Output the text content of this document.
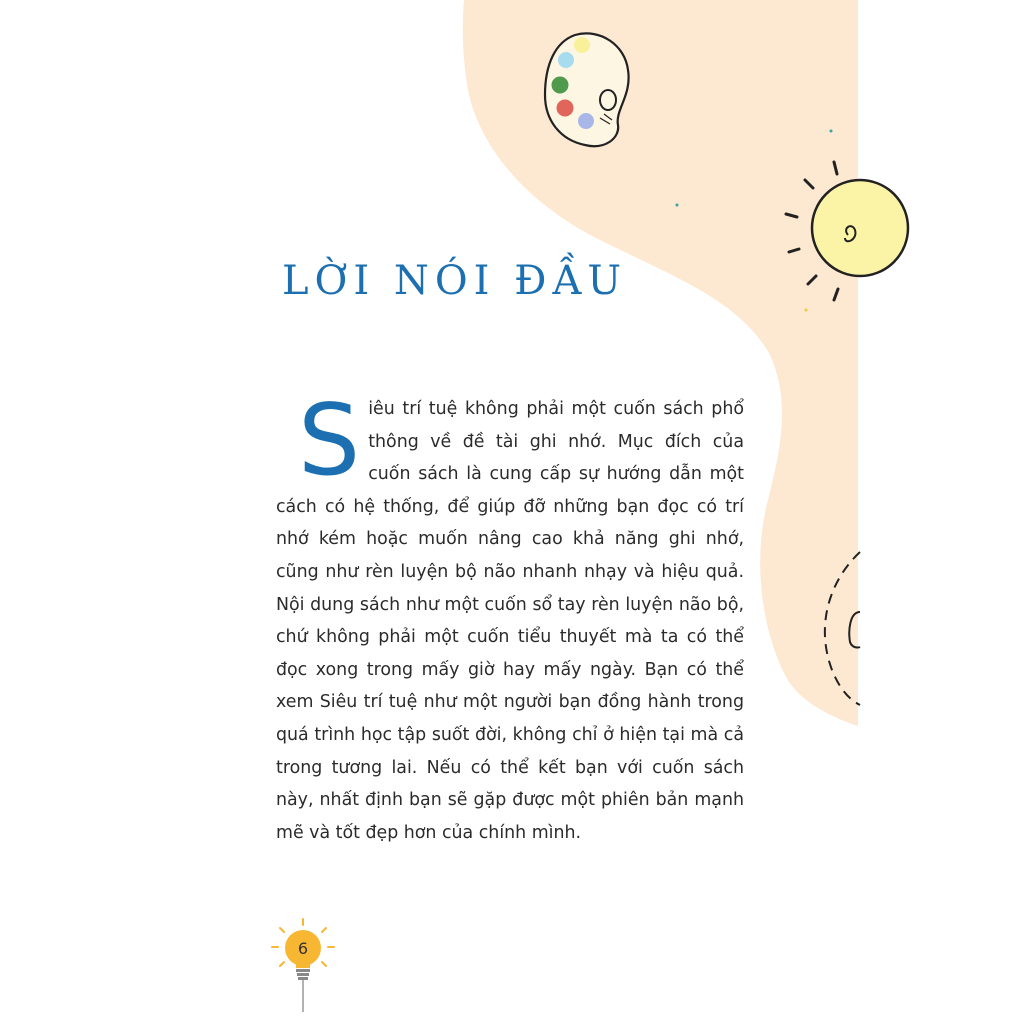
LỜI NÓI ĐẦU

Siêu trí tuệ không phải một cuốn sách phổ thông về đề tài ghi nhớ. Mục đích của cuốn sách là cung cấp sự hướng dẫn một cách có hệ thống, để giúp đỡ những bạn đọc có trí nhớ kém hoặc muốn nâng cao khả năng ghi nhớ, cũng như rèn luyện bộ não nhanh nhạy và hiệu quả. Nội dung sách như một cuốn sổ tay rèn luyện não bộ, chứ không phải một cuốn tiểu thuyết mà ta có thể đọc xong trong mấy giờ hay mấy ngày. Bạn có thể xem Siêu trí tuệ như một người bạn đồng hành trong quá trình học tập suốt đời, không chỉ ở hiện tại mà cả trong tương lai. Nếu có thể kết bạn với cuốn sách này, nhất định bạn sẽ gặp được một phiên bản mạnh mẽ và tốt đẹp hơn của chính mình.

6
